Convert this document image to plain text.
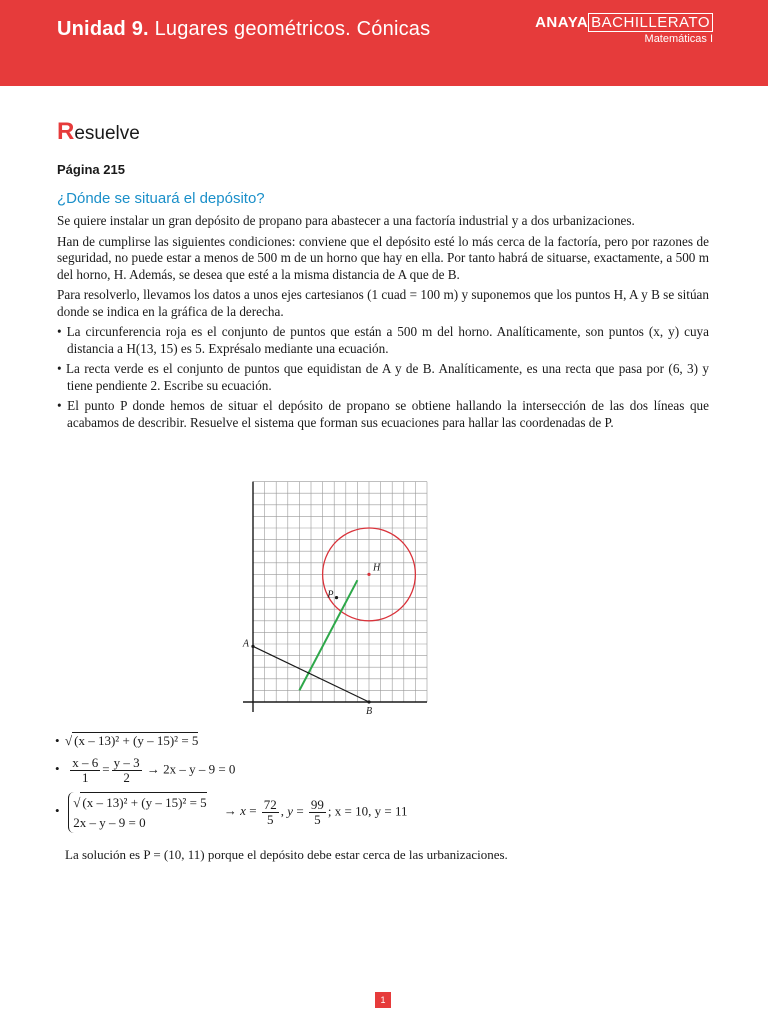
Unidad 9. Lugares geométricos. Cónicas	ANAYA BACHILLERATO
Matemáticas I
Resuelve
Página 215
¿Dónde se situará el depósito?

Se quiere instalar un gran depósito de propano para abastecer a una factoría industrial y a dos urbanizaciones.

Han de cumplirse las siguientes condiciones: conviene que el depósito esté lo más cerca de la factoría, pero por razones de seguridad, no puede estar a menos de 500 m de un horno que hay en ella. Por tanto habrá de situarse, exactamente, a 500 m del horno, H. Además, se desea que esté a la misma distancia de A que de B.

Para resolverlo, llevamos los datos a unos ejes cartesianos (1 cuad = 100 m) y suponemos que los puntos H, A y B se sitúan donde se indica en la gráfica de la derecha.

• La circunferencia roja es el conjunto de puntos que están a 500 m del horno. Analíticamente, son puntos (x, y) cuya distancia a H(13, 15) es 5. Exprésalo mediante una ecuación.

• La recta verde es el conjunto de puntos que equidistan de A y de B. Analíticamente, es una recta que pasa por (6, 3) y tiene pendiente 2. Escribe su ecuación.

• El punto P donde hemos de situar el depósito de propano se obtiene hallando la intersección de las dos líneas que acabamos de describir. Resuelve el sistema que forman sus ecuaciones para hallar las coordenadas de P.

H
P
A
B
• √ (x – 13)² + (y – 15)² = 5
• $\frac{x - 6}{1} = \frac{y - 3}{2} \to 2x - y - 9 = 0$
•
√ (x – 13)² + (y – 15)² = 5
2x – y – 9 = 0
→ $x = \frac{72}{5}$ , $y = \frac{99}{5}$ ; x = 10, y = 11
La solución es P = (10, 11) porque el depósito debe estar cerca de las urbanizaciones.
1
